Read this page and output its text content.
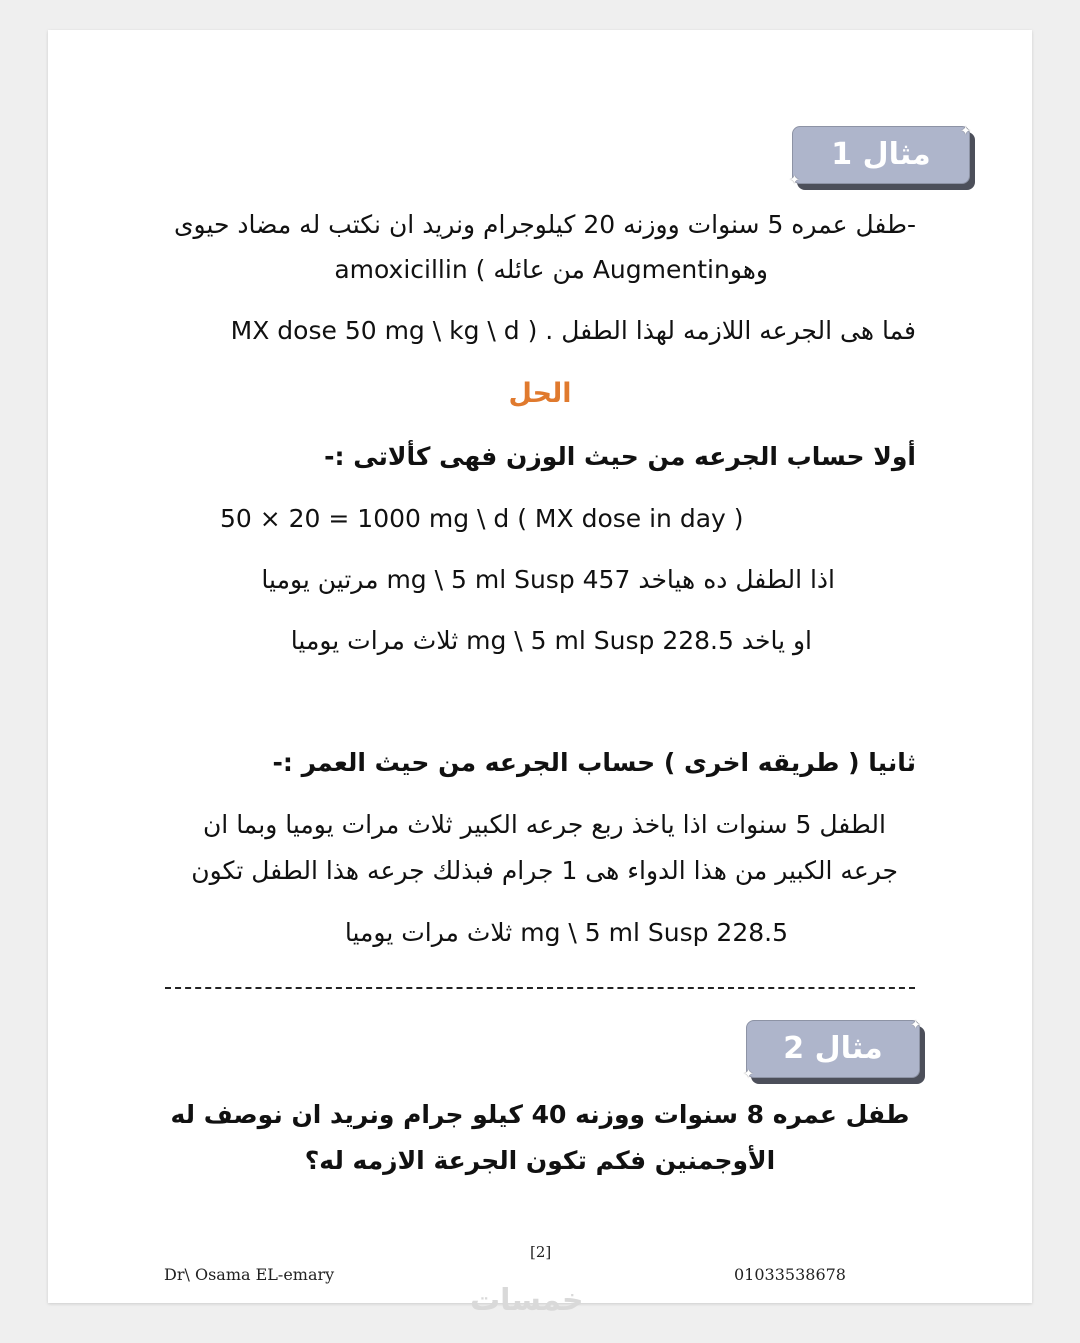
مثال 1
✦
✦
-طفل عمره 5 سنوات ووزنه 20 كيلوجرام ونريد ان نكتب له مضاد حيوى
وهوAugmentin من عائله ) amoxicillin
فما هى الجرعه اللازمه لهذا الطفل . ( MX dose 50 mg \ kg \ d
الحل
أولا حساب الجرعه من حيث الوزن فهى كألاتى :-
50 × 20 = 1000 mg \ d ( MX dose in day )
اذا الطفل ده هياخد 457 mg \ 5 ml Susp مرتين يوميا
او ياخد 228.5 mg \ 5 ml Susp ثلاث مرات يوميا
ثانيا ( طريقه اخرى ) حساب الجرعه من حيث العمر :-
الطفل 5 سنوات اذا ياخذ ربع جرعه الكبير ثلاث مرات يوميا وبما ان
جرعه الكبير من هذا الدواء هى 1 جرام فبذلك جرعه هذا الطفل تكون
228.5 mg \ 5 ml Susp ثلاث مرات يوميا
مثال 2
✦
✦
طفل عمره 8 سنوات ووزنه 40 كيلو جرام ونريد ان نوصف له
الأوجمنين فكم تكون الجرعة الازمه له؟
[2]
Dr\ Osama EL-emary	01033538678
خمسات
